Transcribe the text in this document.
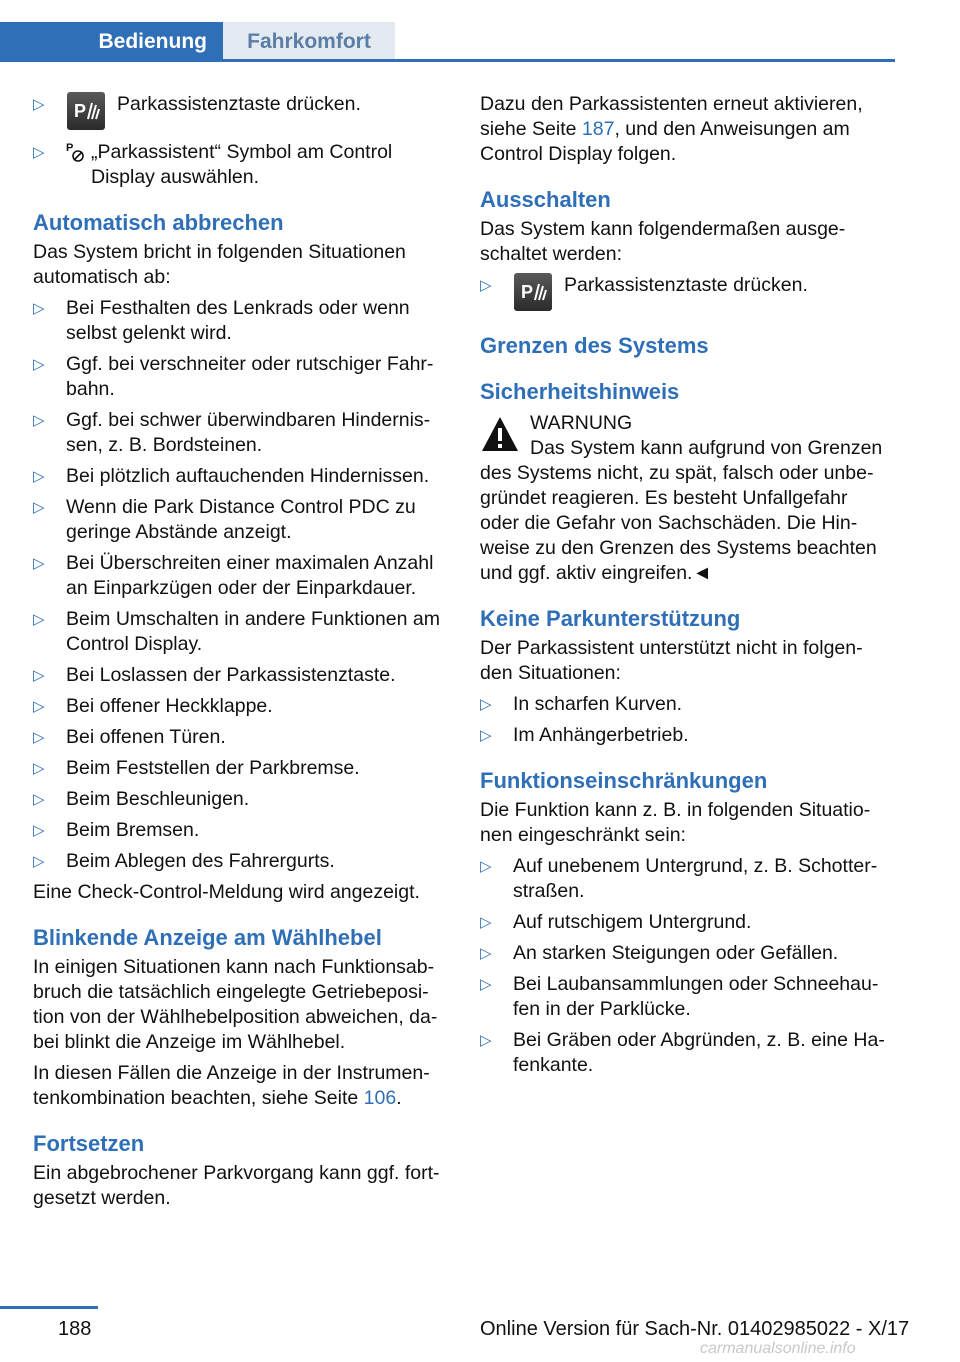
Bedienung	Fahrkomfort
▷ P Parkassistenztaste drücken.
▷ P „Parkassistent“ Symbol am Control Display auswählen.
Automatisch abbrechen

Das System bricht in folgenden Situationen automatisch ab:

▷ Bei Festhalten des Lenkrads oder wenn selbst gelenkt wird.
▷ Ggf. bei verschneiter oder rutschiger Fahr-bahn.
▷ Ggf. bei schwer überwindbaren Hindernis-sen, z. B. Bordsteinen.
▷ Bei plötzlich auftauchenden Hindernissen.
▷ Wenn die Park Distance Control PDC zu geringe Abstände anzeigt.
▷ Bei Überschreiten einer maximalen Anzahl an Einparkzügen oder der Einparkdauer.
▷ Beim Umschalten in andere Funktionen am Control Display.
▷ Bei Loslassen der Parkassistenztaste.
▷ Bei offener Heckklappe.
▷ Bei offenen Türen.
▷ Beim Feststellen der Parkbremse.
▷ Beim Beschleunigen.
▷ Beim Bremsen.
▷ Beim Ablegen des Fahrergurts.

Eine Check-Control-Meldung wird angezeigt.

Blinkende Anzeige am Wählhebel

In einigen Situationen kann nach Funktionsab-bruch die tatsächlich eingelegte Getriebeposi-tion von der Wählhebelposition abweichen, da-bei blinkt die Anzeige im Wählhebel.

In diesen Fällen die Anzeige in der Instrumen-tenkombination beachten, siehe Seite 106.

Fortsetzen

Ein abgebrochener Parkvorgang kann ggf. fort-gesetzt werden.

Dazu den Parkassistenten erneut aktivieren, siehe Seite 187, und den Anweisungen am Control Display folgen.

Ausschalten

Das System kann folgendermaßen ausge-schaltet werden:

▷ P Parkassistenztaste drücken.
Grenzen des Systems
Sicherheitshinweis
WARNUNG
Das System kann aufgrund von Grenzen des Systems nicht, zu spät, falsch oder unbe-gründet reagieren. Es besteht Unfallgefahr oder die Gefahr von Sachschäden. Die Hin-weise zu den Grenzen des Systems beachten und ggf. aktiv eingreifen.◄
Keine Parkunterstützung

Der Parkassistent unterstützt nicht in folgen-den Situationen:

▷ In scharfen Kurven.
▷ Im Anhängerbetrieb.
Funktionseinschränkungen

Die Funktion kann z. B. in folgenden Situatio-nen eingeschränkt sein:

▷ Auf unebenem Untergrund, z. B. Schotter-straßen.
▷ Auf rutschigem Untergrund.
▷ An starken Steigungen oder Gefällen.
▷ Bei Laubansammlungen oder Schneehau-fen in der Parklücke.
▷ Bei Gräben oder Abgründen, z. B. eine Ha-fenkante.
188	Online Version für Sach-Nr. 01402985022 - X/17
carmanualsonline.info
